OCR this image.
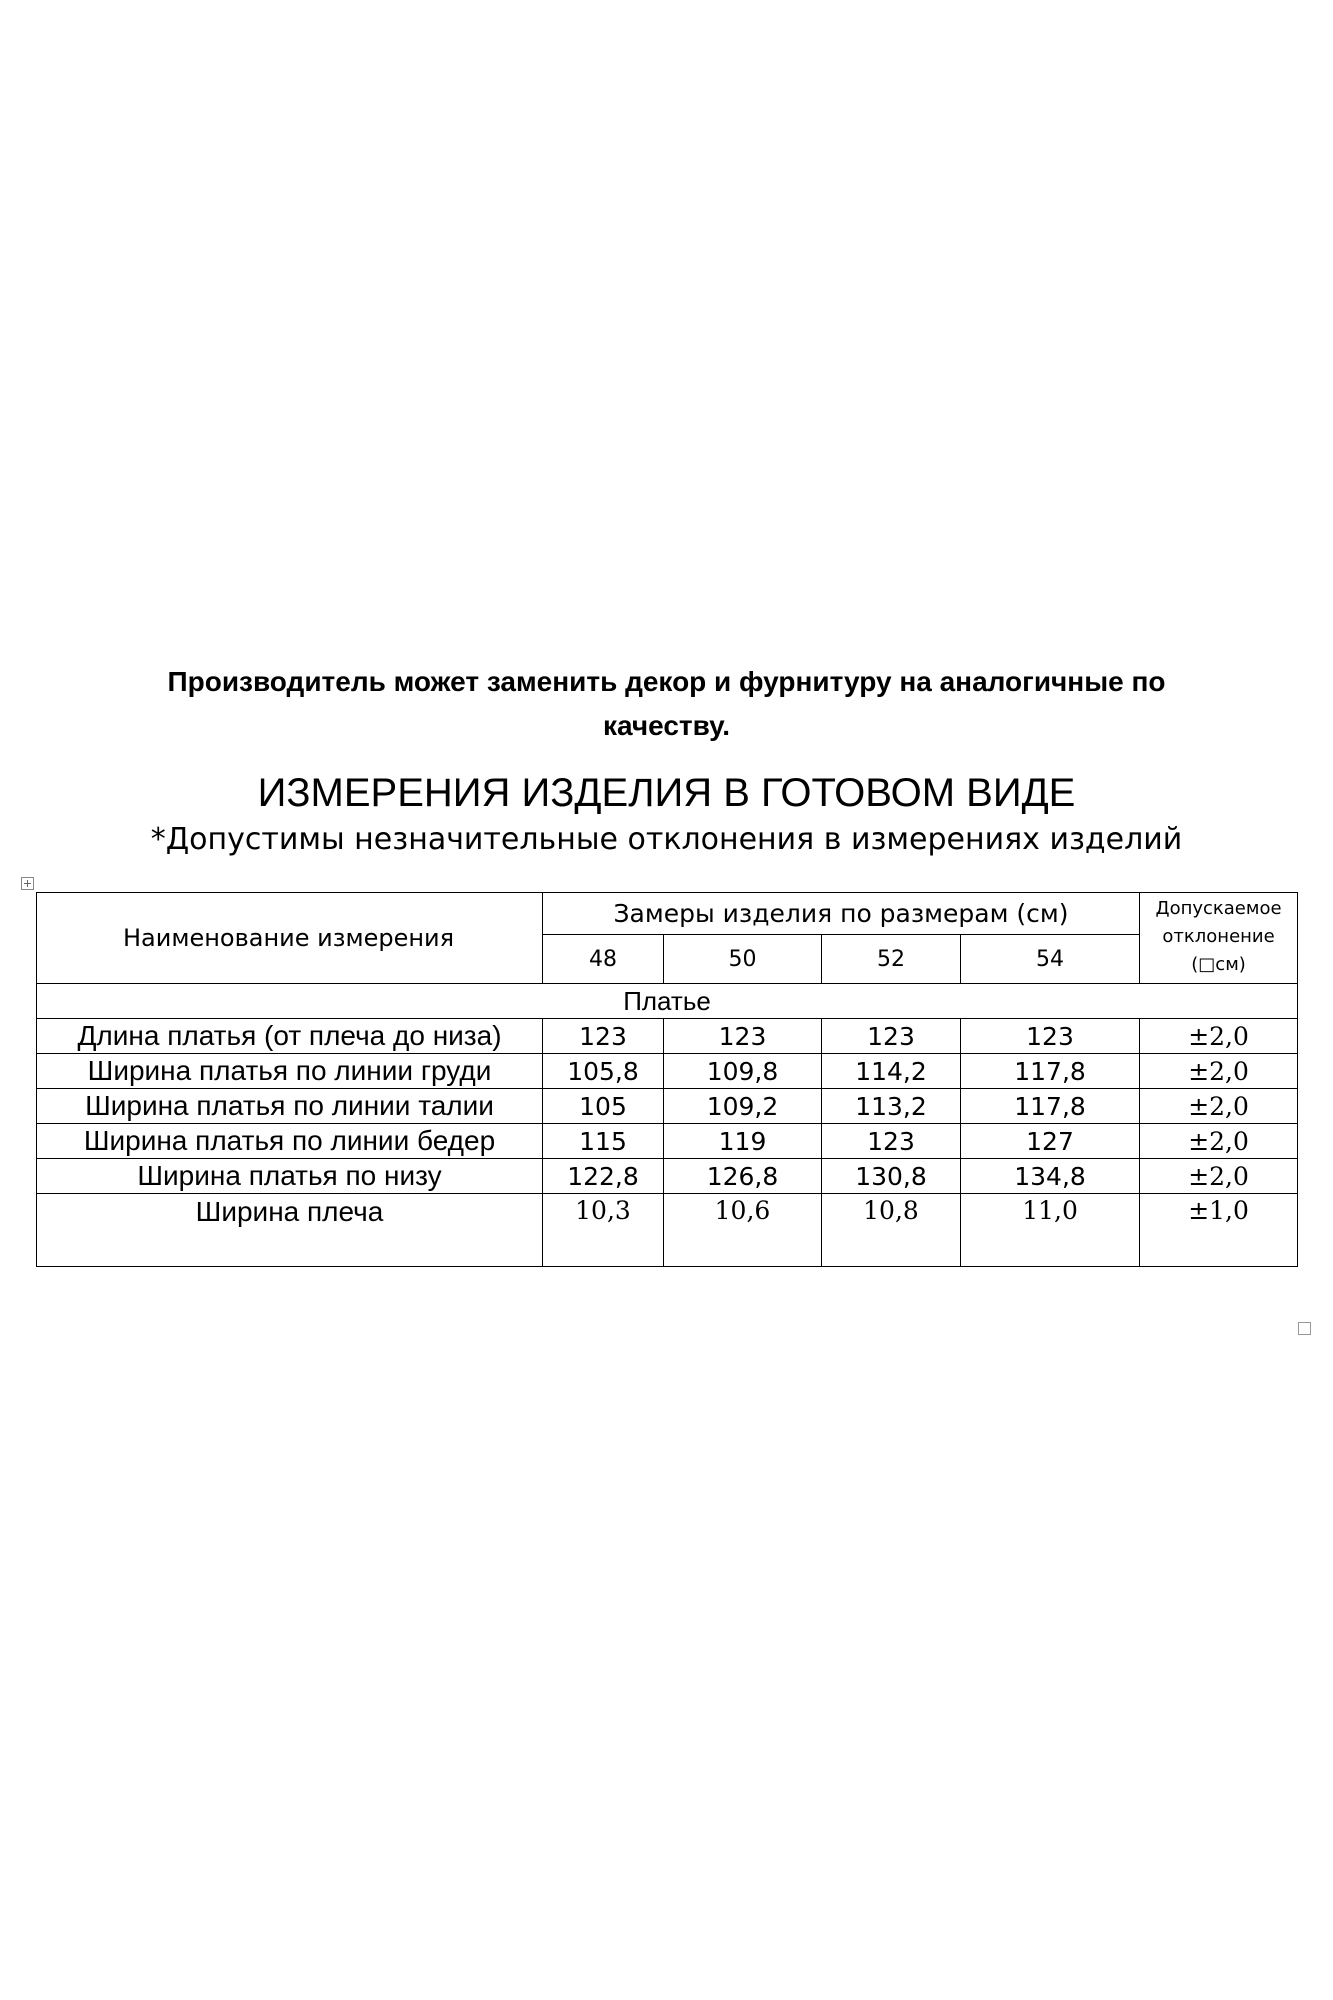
Производитель может заменить декор и фурнитуру на аналогичные по
качеству.
ИЗМЕРЕНИЯ ИЗДЕЛИЯ В ГОТОВОМ ВИДЕ
*Допустимы незначительные отклонения в измерениях изделий
Наименование измерения	Замеры изделия по размерам (см)				Допускаемое
отклонение
(□см)

	48	50	52	54	
Платье					
Длина платья (от плеча до низа)	123	123	123	123	±2,0
Ширина платья по линии груди	105,8	109,8	114,2	117,8	±2,0
Ширина платья по линии талии	105	109,2	113,2	117,8	±2,0
Ширина платья по линии бедер	115	119	123	127	±2,0
Ширина платья по низу	122,8	126,8	130,8	134,8	±2,0
Ширина плеча	10,3	10,6	10,8	11,0	±1,0
